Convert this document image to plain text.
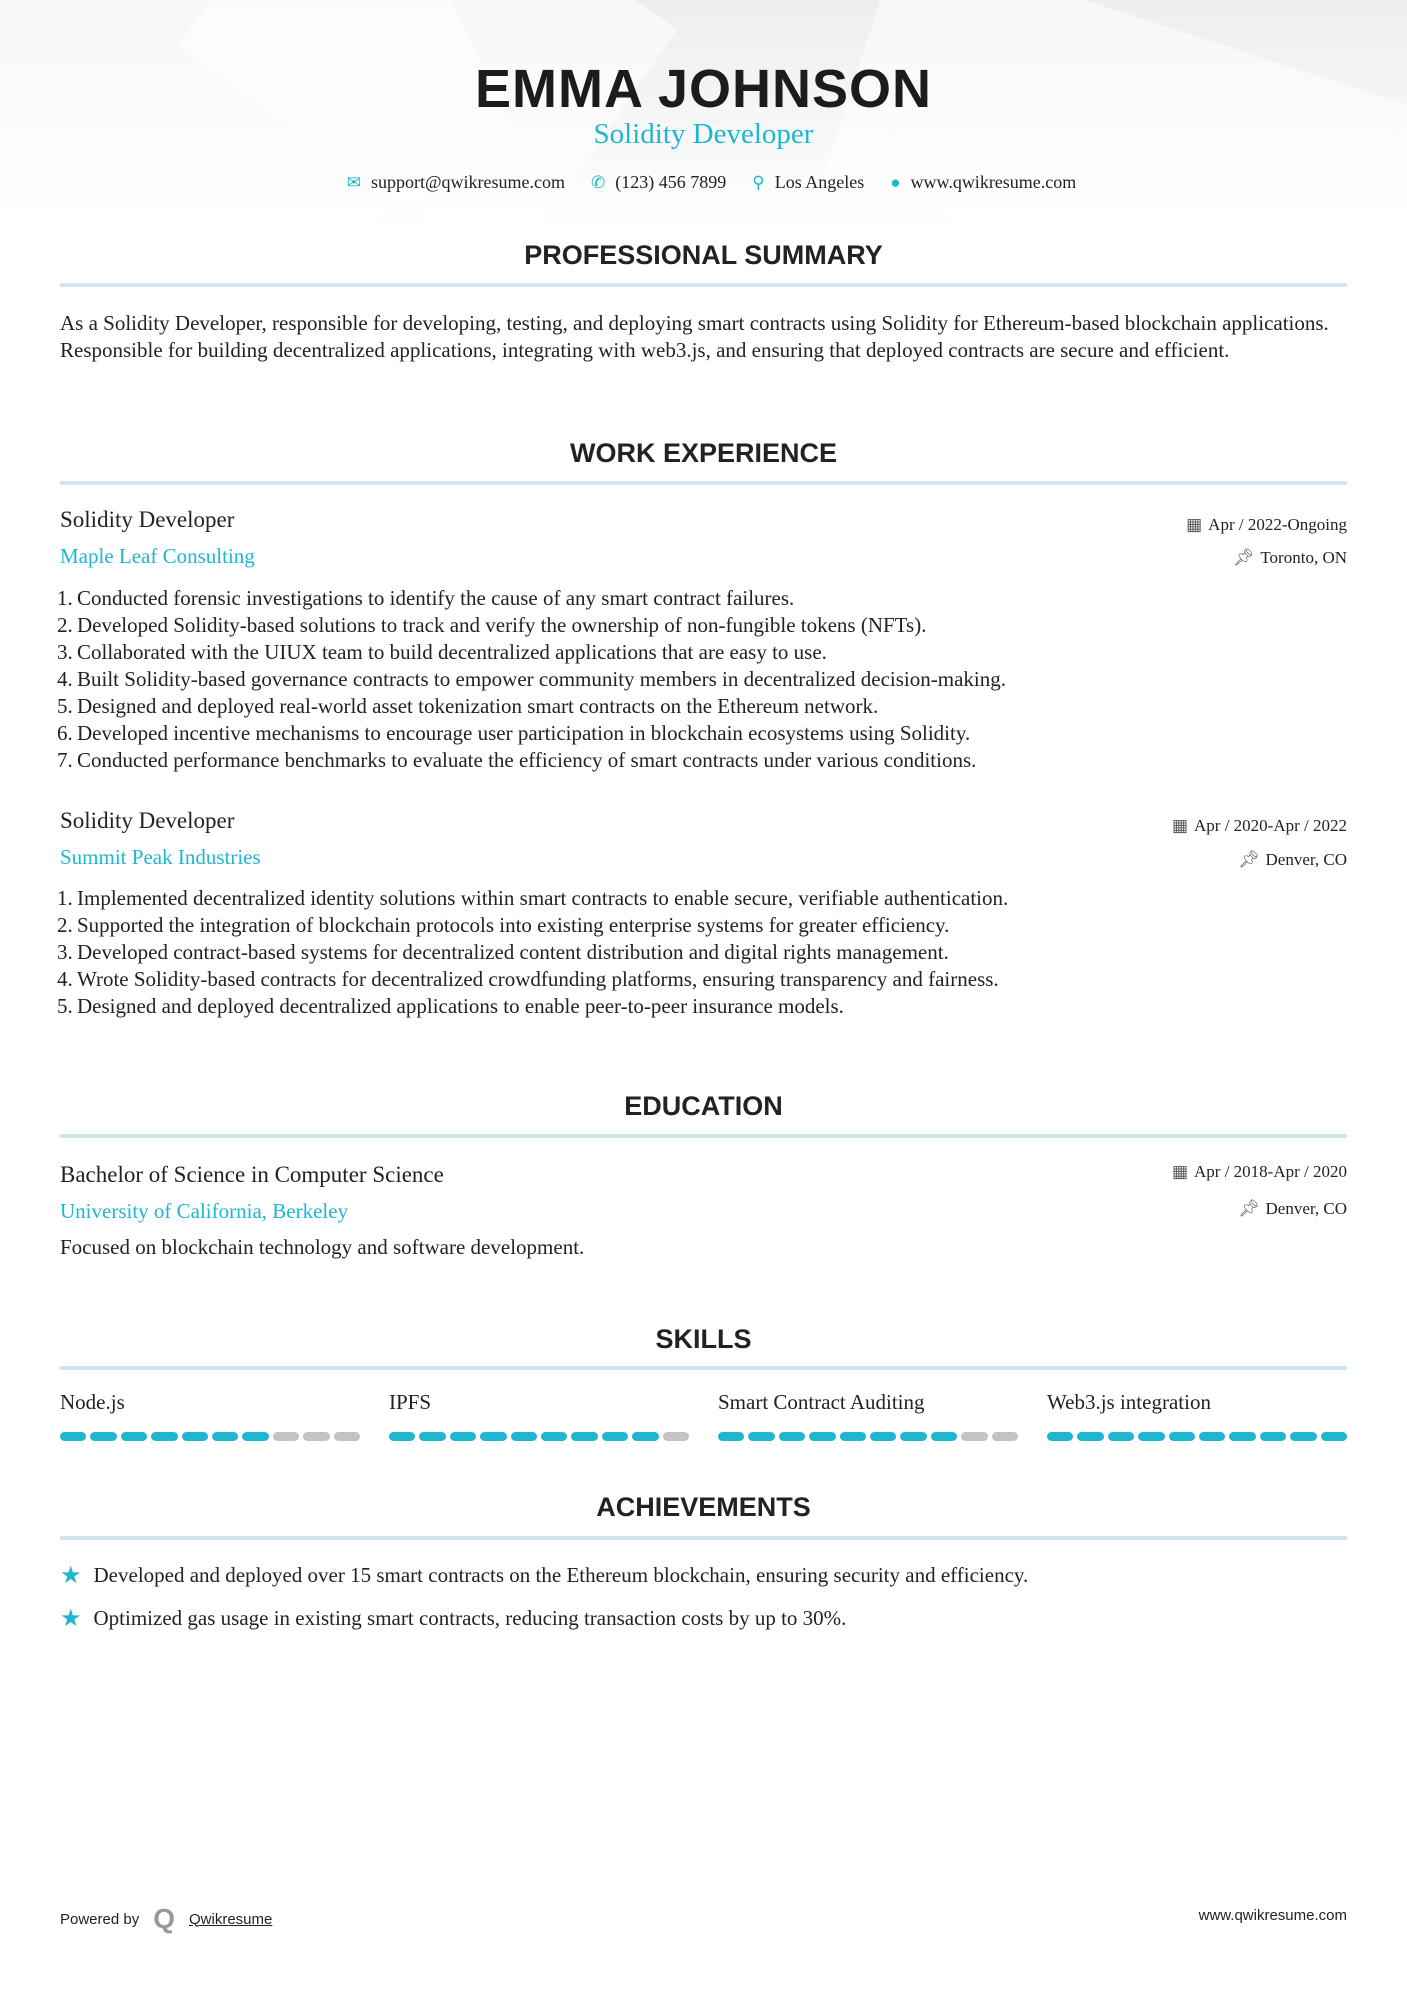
EMMA JOHNSON
Solidity Developer
✉ support@qwikresume.com ✆ (123) 456 7899 ⚲ Los Angeles ● www.qwikresume.com
PROFESSIONAL SUMMARY
As a Solidity Developer, responsible for developing, testing, and deploying smart contracts using Solidity for Ethereum-based blockchain applications. Responsible for building decentralized applications, integrating with web3.js, and ensuring that deployed contracts are secure and efficient.
WORK EXPERIENCE
Solidity Developer
Maple Leaf Consulting
▦ Apr / 2022-Ongoing
📌︎ Toronto, ON
1. Conducted forensic investigations to identify the cause of any smart contract failures.
2. Developed Solidity-based solutions to track and verify the ownership of non-fungible tokens (NFTs).
3. Collaborated with the UIUX team to build decentralized applications that are easy to use.
4. Built Solidity-based governance contracts to empower community members in decentralized decision-making.
5. Designed and deployed real-world asset tokenization smart contracts on the Ethereum network.
6. Developed incentive mechanisms to encourage user participation in blockchain ecosystems using Solidity.
7. Conducted performance benchmarks to evaluate the efficiency of smart contracts under various conditions.
Solidity Developer
Summit Peak Industries
▦ Apr / 2020-Apr / 2022
📌︎ Denver, CO
1. Implemented decentralized identity solutions within smart contracts to enable secure, verifiable authentication.
2. Supported the integration of blockchain protocols into existing enterprise systems for greater efficiency.
3. Developed contract-based systems for decentralized content distribution and digital rights management.
4. Wrote Solidity-based contracts for decentralized crowdfunding platforms, ensuring transparency and fairness.
5. Designed and deployed decentralized applications to enable peer-to-peer insurance models.
EDUCATION
Bachelor of Science in Computer Science
University of California, Berkeley
▦ Apr / 2018-Apr / 2020
📌︎ Denver, CO
Focused on blockchain technology and software development.
SKILLS
Node.js	IPFS	Smart Contract Auditing	Web3.js integration
ACHIEVEMENTS
★ Developed and deployed over 15 smart contracts on the Ethereum blockchain, ensuring security and efficiency.
★ Optimized gas usage in existing smart contracts, reducing transaction costs by up to 30%.
Powered by Q Qwikresume	www.qwikresume.com
